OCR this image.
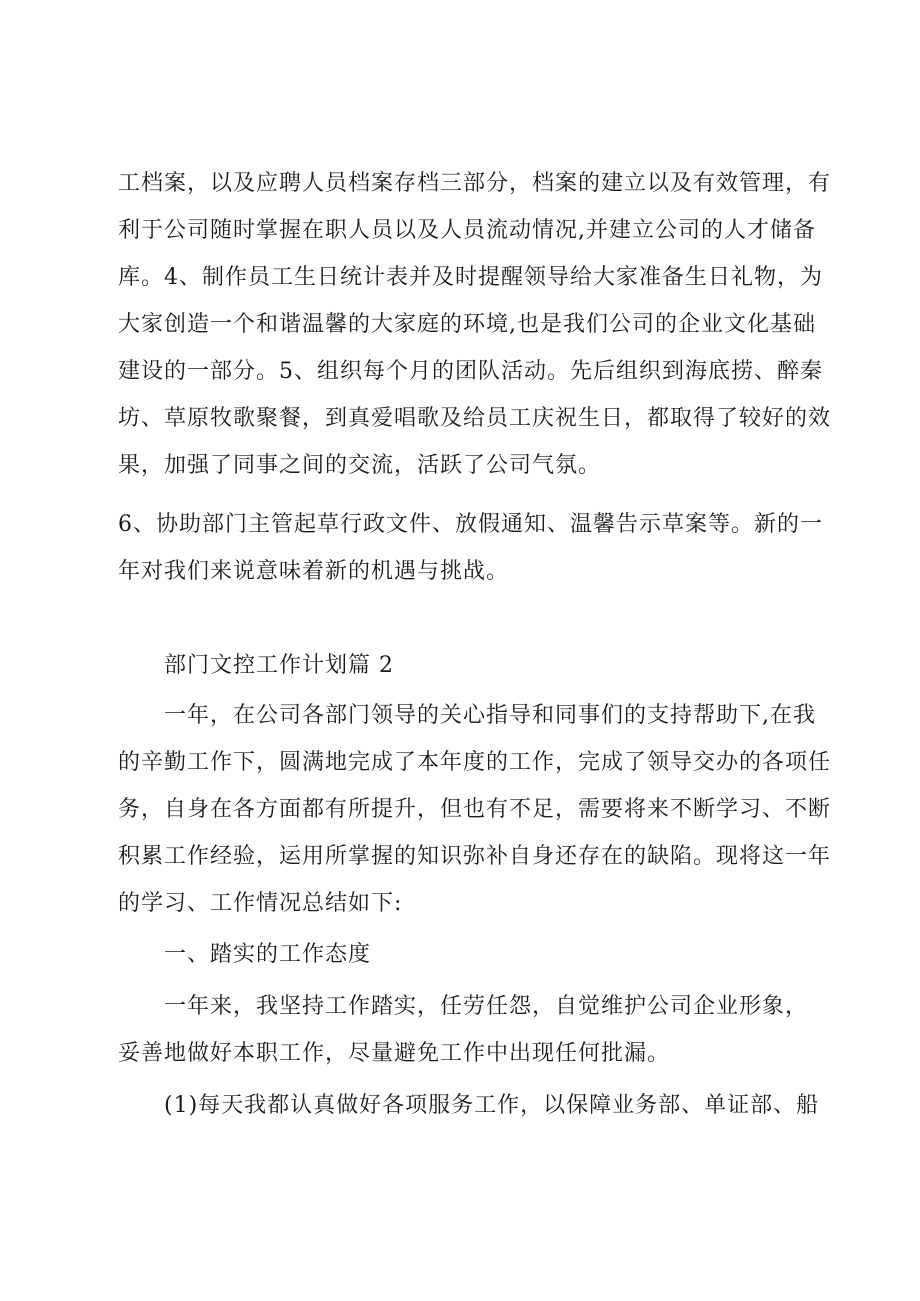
工档案，以及应聘人员档案存档三部分，档案的建立以及有效管理，有
利于公司随时掌握在职人员以及人员流动情况,并建立公司的人才储备
库。4、制作员工生日统计表并及时提醒领导给大家准备生日礼物，为
大家创造一个和谐温馨的大家庭的环境,也是我们公司的企业文化基础
建设的一部分。5、组织每个月的团队活动。先后组织到海底捞、醉秦
坊、草原牧歌聚餐，到真爱唱歌及给员工庆祝生日，都取得了较好的效
果，加强了同事之间的交流，活跃了公司气氛。
6、协助部门主管起草行政文件、放假通知、温馨告示草案等。新的一
年对我们来说意味着新的机遇与挑战。
部门文控工作计划篇 2
一年，在公司各部门领导的关心指导和同事们的支持帮助下,在我
的辛勤工作下，圆满地完成了本年度的工作，完成了领导交办的各项任
务，自身在各方面都有所提升，但也有不足，需要将来不断学习、不断
积累工作经验，运用所掌握的知识弥补自身还存在的缺陷。现将这一年
的学习、工作情况总结如下:
一、踏实的工作态度
一年来，我坚持工作踏实，任劳任怨，自觉维护公司企业形象，
妥善地做好本职工作，尽量避免工作中出现任何批漏。
(1)每天我都认真做好各项服务工作，以保障业务部、单证部、船
